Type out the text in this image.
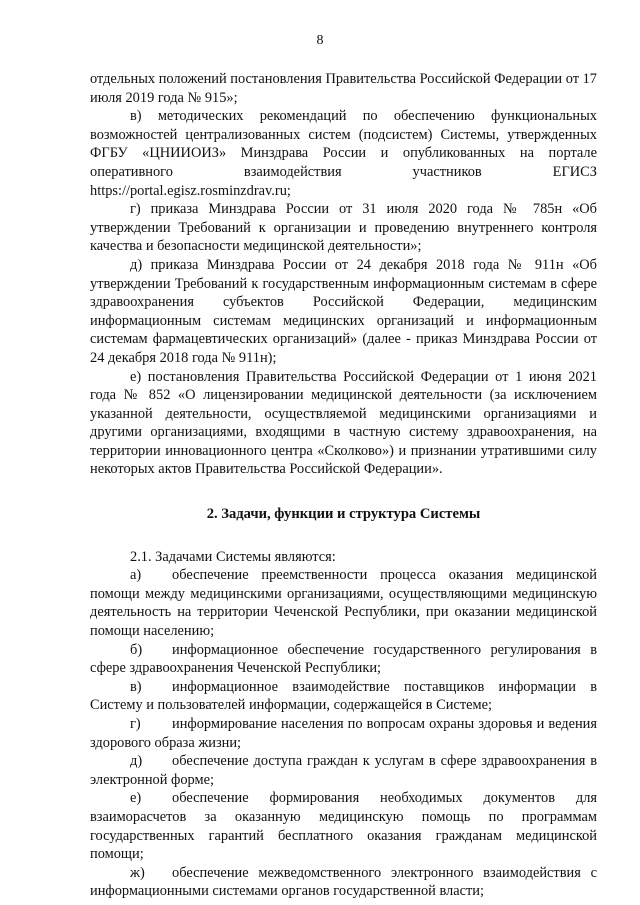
8

отдельных положений постановления Правительства Российской Федерации от 17 июля 2019 года № 915»;

в) методических рекомендаций по обеспечению функциональных возможностей централизованных систем (подсистем) Системы, утвержденных ФГБУ «ЦНИИОИЗ» Минздрава России и опубликованных на портале оперативного взаимодействия участников ЕГИСЗ https://portal.egisz.rosminzdrav.ru;

г) приказа Минздрава России от 31 июля 2020 года № 785н «Об утверждении Требований к организации и проведению внутреннего контроля качества и безопасности медицинской деятельности»;

д) приказа Минздрава России от 24 декабря 2018 года № 911н «Об утверждении Требований к государственным информационным системам в сфере здравоохранения субъектов Российской Федерации, медицинским информационным системам медицинских организаций и информационным системам фармацевтических организаций» (далее - приказ Минздрава России от 24 декабря 2018 года № 911н);

е) постановления Правительства Российской Федерации от 1 июня 2021 года № 852 «О лицензировании медицинской деятельности (за исключением указанной деятельности, осуществляемой медицинскими организациями и другими организациями, входящими в частную систему здравоохранения, на территории инновационного центра «Сколково») и признании утратившими силу некоторых актов Правительства Российской Федерации».

2. Задачи, функции и структура Системы

2.1. Задачами Системы являются:

а) обеспечение преемственности процесса оказания медицинской помощи между медицинскими организациями, осуществляющими медицинскую деятельность на территории Чеченской Республики, при оказании медицинской помощи населению;

б) информационное обеспечение государственного регулирования в сфере здравоохранения Чеченской Республики;

в) информационное взаимодействие поставщиков информации в Систему и пользователей информации, содержащейся в Системе;

г) информирование населения по вопросам охраны здоровья и ведения здорового образа жизни;

д) обеспечение доступа граждан к услугам в сфере здравоохранения в электронной форме;

е) обеспечение формирования необходимых документов для взаиморасчетов за оказанную медицинскую помощь по программам государственных гарантий бесплатного оказания гражданам медицинской помощи;

ж) обеспечение межведомственного электронного взаимодействия с информационными системами органов государственной власти;
